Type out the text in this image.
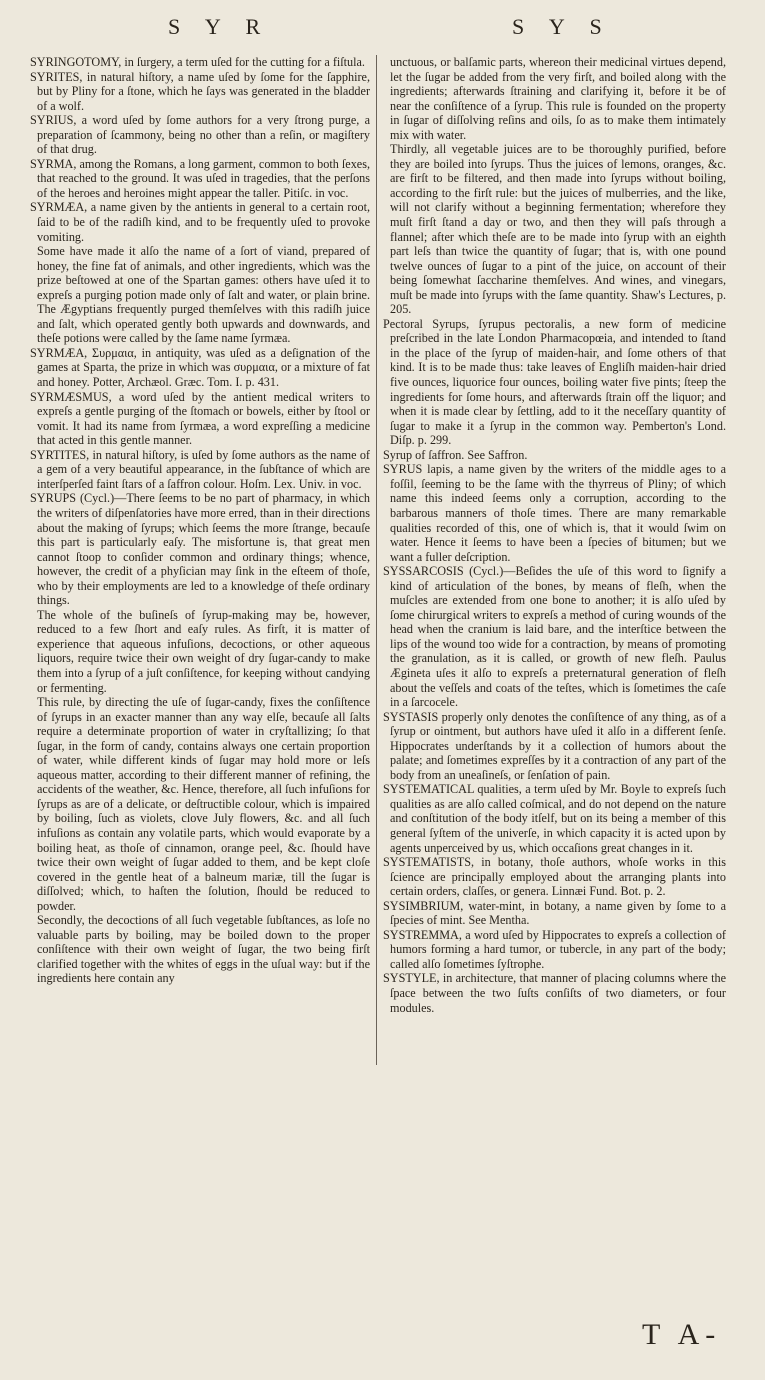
S Y R	S Y S

SYRINGOTOMY, in ſurgery, a term uſed for the cutting for a fiſtula.

SYRITES, in natural hiſtory, a name uſed by ſome for the ſapphire, but by Pliny for a ſtone, which he ſays was generated in the bladder of a wolf.

SYRIUS, a word uſed by ſome authors for a very ſtrong purge, a preparation of ſcammony, being no other than a reſin, or magiſtery of that drug.

SYRMA, among the Romans, a long garment, common to both ſexes, that reached to the ground. It was uſed in tragedies, that the perſons of the heroes and heroines might appear the taller. Pitiſc. in voc.

SYRMÆA, a name given by the antients in general to a certain root, ſaid to be of the radiſh kind, and to be frequently uſed to provoke vomiting.

Some have made it alſo the name of a ſort of viand, prepared of honey, the fine fat of animals, and other ingredients, which was the prize beſtowed at one of the Spartan games: others have uſed it to expreſs a purging potion made only of ſalt and water, or plain brine. The Ægyptians frequently purged themſelves with this radiſh juice and ſalt, which operated gently both upwards and downwards, and theſe potions were called by the ſame name ſyrmæa.

SYRMÆA, Συρμαια, in antiquity, was uſed as a deſignation of the games at Sparta, the prize in which was συρμαια, or a mixture of fat and honey. Potter, Archæol. Græc. Tom. I. p. 431.

SYRMÆSMUS, a word uſed by the antient medical writers to expreſs a gentle purging of the ſtomach or bowels, either by ſtool or vomit. It had its name from ſyrmæa, a word expreſſing a medicine that acted in this gentle manner.

SYRTITES, in natural hiſtory, is uſed by ſome authors as the name of a gem of a very beautiful appearance, in the ſubſtance of which are interſperſed faint ſtars of a ſaffron colour. Hoſm. Lex. Univ. in voc.

SYRUPS (Cycl.)—There ſeems to be no part of pharmacy, in which the writers of diſpenſatories have more erred, than in their directions about the making of ſyrups; which ſeems the more ſtrange, becauſe this part is particularly eaſy. The misfortune is, that great men cannot ſtoop to conſider common and ordinary things; whence, however, the credit of a phyſician may ſink in the eſteem of thoſe, who by their employments are led to a knowledge of theſe ordinary things.

The whole of the buſineſs of ſyrup-making may be, however, reduced to a few ſhort and eaſy rules. As firſt, it is matter of experience that aqueous infuſions, decoctions, or other aqueous liquors, require twice their own weight of dry ſugar-candy to make them into a ſyrup of a juſt conſiſtence, for keeping without candying or fermenting.

This rule, by directing the uſe of ſugar-candy, fixes the conſiſtence of ſyrups in an exacter manner than any way elſe, becauſe all ſalts require a determinate proportion of water in cryſtallizing; ſo that ſugar, in the form of candy, contains always one certain proportion of water, while different kinds of ſugar may hold more or leſs aqueous matter, according to their different manner of refining, the accidents of the weather, &c. Hence, therefore, all ſuch infuſions for ſyrups as are of a delicate, or deſtructible colour, which is impaired by boiling, ſuch as violets, clove July flowers, &c. and all ſuch infuſions as contain any volatile parts, which would evaporate by a boiling heat, as thoſe of cinnamon, orange peel, &c. ſhould have twice their own weight of ſugar added to them, and be kept cloſe covered in the gentle heat of a balneum mariæ, till the ſugar is diſſolved; which, to haſten the ſolution, ſhould be reduced to powder.

Secondly, the decoctions of all ſuch vegetable ſubſtances, as loſe no valuable parts by boiling, may be boiled down to the proper conſiſtence with their own weight of ſugar, the two being firſt clarified together with the whites of eggs in the uſual way: but if the ingredients here contain any

unctuous, or balſamic parts, whereon their medicinal virtues depend, let the ſugar be added from the very firſt, and boiled along with the ingredients; afterwards ſtraining and clarifying it, before it be of near the conſiſtence of a ſyrup. This rule is founded on the property in ſugar of diſſolving reſins and oils, ſo as to make them intimately mix with water.

Thirdly, all vegetable juices are to be thoroughly purified, before they are boiled into ſyrups. Thus the juices of lemons, oranges, &c. are firſt to be filtered, and then made into ſyrups without boiling, according to the firſt rule: but the juices of mulberries, and the like, will not clarify without a beginning fermentation; wherefore they muſt firſt ſtand a day or two, and then they will paſs through a flannel; after which theſe are to be made into ſyrup with an eighth part leſs than twice the quantity of ſugar; that is, with one pound twelve ounces of ſugar to a pint of the juice, on account of their being ſomewhat ſaccharine themſelves. And wines, and vinegars, muſt be made into ſyrups with the ſame quantity. Shaw's Lectures, p. 205.

Pectoral Syrups, ſyrupus pectoralis, a new form of medicine preſcribed in the late London Pharmacopœia, and intended to ſtand in the place of the ſyrup of maiden-hair, and ſome others of that kind. It is to be made thus: take leaves of Engliſh maiden-hair dried five ounces, liquorice four ounces, boiling water five pints; ſteep the ingredients for ſome hours, and afterwards ſtrain off the liquor; and when it is made clear by ſettling, add to it the neceſſary quantity of ſugar to make it a ſyrup in the common way. Pemberton's Lond. Diſp. p. 299.

Syrup of ſaffron. See Saffron.

SYRUS lapis, a name given by the writers of the middle ages to a foſſil, ſeeming to be the ſame with the thyrreus of Pliny; of which name this indeed ſeems only a corruption, according to the barbarous manners of thoſe times. There are many remarkable qualities recorded of this, one of which is, that it would ſwim on water. Hence it ſeems to have been a ſpecies of bitumen; but we want a fuller deſcription.

SYSSARCOSIS (Cycl.)—Beſides the uſe of this word to ſignify a kind of articulation of the bones, by means of fleſh, when the muſcles are extended from one bone to another; it is alſo uſed by ſome chirurgical writers to expreſs a method of curing wounds of the head when the cranium is laid bare, and the interſtice between the lips of the wound too wide for a contraction, by means of promoting the granulation, as it is called, or growth of new fleſh. Paulus Ægineta uſes it alſo to expreſs a preternatural generation of fleſh about the veſſels and coats of the teſtes, which is ſometimes the caſe in a ſarcocele.

SYSTASIS properly only denotes the conſiſtence of any thing, as of a ſyrup or ointment, but authors have uſed it alſo in a different ſenſe. Hippocrates underſtands by it a collection of humors about the palate; and ſometimes expreſſes by it a contraction of any part of the body from an uneaſineſs, or ſenſation of pain.

SYSTEMATICAL qualities, a term uſed by Mr. Boyle to expreſs ſuch qualities as are alſo called coſmical, and do not depend on the nature and conſtitution of the body itſelf, but on its being a member of this general ſyſtem of the univerſe, in which capacity it is acted upon by agents unperceived by us, which occaſions great changes in it.

SYSTEMATISTS, in botany, thoſe authors, whoſe works in this ſcience are principally employed about the arranging plants into certain orders, claſſes, or genera. Linnæi Fund. Bot. p. 2.

SYSIMBRIUM, water-mint, in botany, a name given by ſome to a ſpecies of mint. See Mentha.

SYSTREMMA, a word uſed by Hippocrates to expreſs a collection of humors forming a hard tumor, or tubercle, in any part of the body; called alſo ſometimes ſyſtrophe.

SYSTYLE, in architecture, that manner of placing columns where the ſpace between the two ſuſts conſiſts of two diameters, or four modules.

T A-
